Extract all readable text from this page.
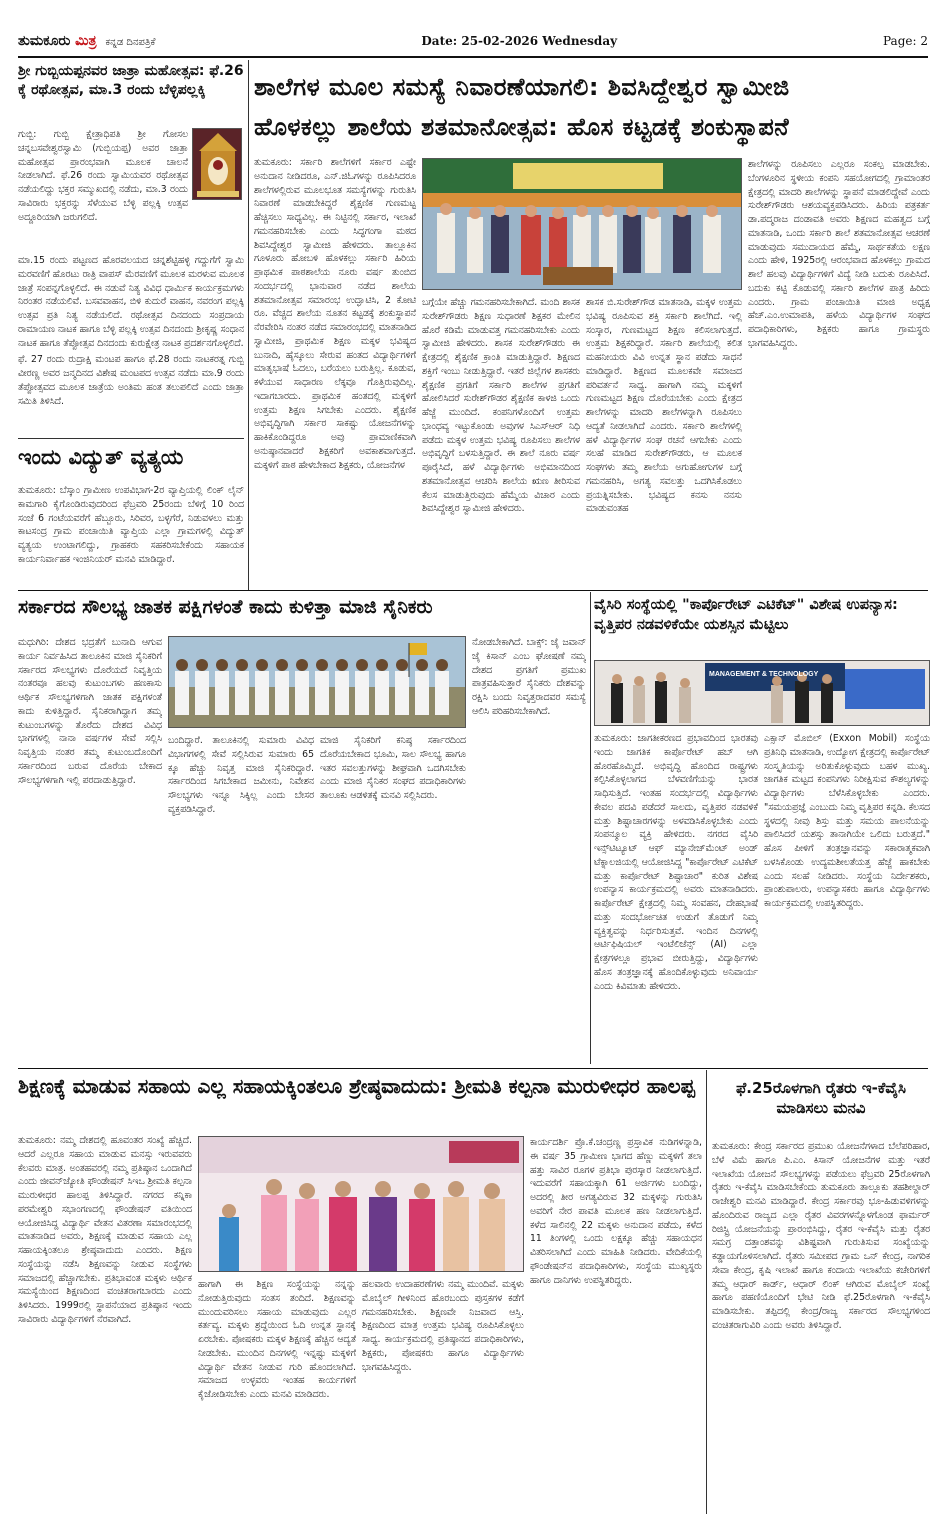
ತುಮಕೂರು ಮಿತ್ರ ಕನ್ನಡ ದಿನಪತ್ರಿಕೆ	Date: 25-02-2026 Wednesday	Page: 2
ಶ್ರೀ ಗುಬ್ಬಿಯಪ್ಪನವರ ಜಾತ್ರಾ ಮಹೋತ್ಸವ: ಫೆ.26 ಕ್ಕೆ ರಥೋತ್ಸವ, ಮಾ.3 ರಂದು ಬೆಳ್ಳಿಪಲ್ಲಕ್ಕಿ
ಗುಬ್ಬಿ: ಗುಬ್ಬಿ ಕ್ಷೇತ್ರಾಧಿಪತಿ ಶ್ರೀ ಗೋಸಲ ಚನ್ನಬಸವೇಶ್ವರಸ್ವಾಮಿ (ಗುಬ್ಬಿಯಪ್ಪ) ಅವರ ಜಾತ್ರಾ ಮಹೋತ್ಸವ ಪ್ರಾರಂಭವಾಗಿ ಮೂಲಕ ಚಾಲನೆ ನೀಡಲಾಗಿದೆ. ಫೆ.26 ರಂದು ಸ್ವಾಮಿಯವರ ರಥೋತ್ಸವ ನಡೆಯಲಿದ್ದು ಭಕ್ತರ ಸಮ್ಮುಖದಲ್ಲಿ ನಡೆದು, ಮಾ.3 ರಂದು ಸಾವಿರಾರು ಭಕ್ತರನ್ನು ಸೆಳೆಯುವ ಬೆಳ್ಳಿ ಪಲ್ಲಕ್ಕಿ ಉತ್ಸವ ಅದ್ದೂರಿಯಾಗಿ ಜರುಗಲಿದೆ.

ಮಾ.15 ರಂದು ಪಟ್ಟಣದ ಹೊರವಲಯದ ಚನ್ನಶೆಟ್ಟಿಹಳ್ಳಿ ಗದ್ದುಗೆಗೆ ಸ್ವಾಮಿ ಮರವಣಿಗೆ ಹೊರಟು ರಾತ್ರಿ ವಾಪಸ್ ಮೆರವಣಿಗೆ ಮೂಲಕ ಮರಳುವ ಮೂಲಕ ಜಾತ್ರೆ ಸಂಪನ್ನಗೊಳ್ಳಲಿದೆ. ಈ ನಡುವೆ ನಿತ್ಯ ವಿವಿಧ ಧಾರ್ಮಿಕ ಕಾರ್ಯಕ್ರಮಗಳು ನಿರಂತರ ನಡೆಯಲಿವೆ. ಬಸವವಾಹನ, ಬಿಳಿ ಕುದುರೆ ವಾಹನ, ನವರಂಗ ಪಲ್ಲಕ್ಕಿ ಉತ್ಸವ ಪ್ರತಿ ನಿತ್ಯ ನಡೆಯಲಿದೆ. ರಥೋತ್ಸವ ದಿನದಂದು ಸಂಪ್ರದಾಯ ರಾಮಾಯಣ ನಾಟಕ ಹಾಗೂ ಬೆಳ್ಳಿ ಪಲ್ಲಕ್ಕಿ ಉತ್ಸವ ದಿನದಂದು ಶ್ರೀಕೃಷ್ಣ ಸಂಧಾನ ನಾಟಕ ಹಾಗೂ ತೆಪ್ಪೋತ್ಸವ ದಿನದಂದು ಕುರುಕ್ಷೇತ್ರ ನಾಟಕ ಪ್ರದರ್ಶನಗೊಳ್ಳಲಿದೆ.

ಫೆ. 27 ರಂದು ರುದ್ರಾಕ್ಷಿ ಮಂಟಪ ಹಾಗೂ ಫೆ.28 ರಂದು ನಾಟಕರತ್ನ ಗುಬ್ಬಿ ವೀರಣ್ಣ ಅವರ ಜನ್ಮದಿನದ ವಿಶೇಷ ಮಂಟಪದ ಉತ್ಸವ ನಡೆದು ಮಾ.9 ರಂದು ತೆಪ್ಪೋತ್ಸವದ ಮೂಲಕ ಜಾತ್ರೆಯ ಅಂತಿಮ ಹಂತ ತಲುಪಲಿದೆ ಎಂದು ಜಾತ್ರಾ ಸಮಿತಿ ತಿಳಿಸಿದೆ.

ಇಂದು ವಿದ್ಯುತ್ ವ್ಯತ್ಯಯ
ತುಮಕೂರು: ಬೆಸ್ಕಾಂ ಗ್ರಾಮೀಣ ಉಪವಿಭಾಗ-2ರ ವ್ಯಾಪ್ತಿಯಲ್ಲಿ ಲಿಂಕ್ ಲೈನ್ ಕಾಮಗಾರಿ ಕೈಗೊಂಡಿರುವುದರಿಂದ ಫೆಬ್ರವರಿ 25ರಂದು ಬೆಳಿಗ್ಗೆ 10 ರಿಂದ ಸಂಜೆ 6 ಗಂಟೆಯವರೆಗೆ ಹೆಬ್ಬೂರು, ಸಿರಿವರ, ಬಳ್ಳಗೆರೆ, ನಿಡುವಳಲು ಮತ್ತು ಕಾಟಸಂದ್ರ ಗ್ರಾಮ ಪಂಚಾಯಿತಿ ವ್ಯಾಪ್ತಿಯ ಎಲ್ಲಾ ಗ್ರಾಮಗಳಲ್ಲಿ ವಿದ್ಯುತ್ ವ್ಯತ್ಯಯ ಉಂಟಾಗಲಿದ್ದು, ಗ್ರಾಹಕರು ಸಹಕರಿಸಬೇಕೆಂದು ಸಹಾಯಕ ಕಾರ್ಯನಿರ್ವಾಹಕ ಇಂಜಿನಿಯರ್ ಮನವಿ ಮಾಡಿದ್ದಾರೆ.
ಶಾಲೆಗಳ ಮೂಲ ಸಮಸ್ಯೆ ನಿವಾರಣೆಯಾಗಲಿ: ಶಿವಸಿದ್ದೇಶ್ವರ ಸ್ವಾಮೀಜಿ
ಹೊಳಕಲ್ಲು ಶಾಲೆಯ ಶತಮಾನೋತ್ಸವ: ಹೊಸ ಕಟ್ಟಡಕ್ಕೆ ಶಂಕುಸ್ಥಾಪನೆ
ತುಮಕೂರು: ಸರ್ಕಾರಿ ಶಾಲೆಗಳಿಗೆ ಸರ್ಕಾರ ಎಷ್ಟೇ ಅನುದಾನ ನೀಡಿದರೂ, ಎನ್.ಜಿಓಗಳನ್ನು ರೂಪಿಸಿದರೂ ಶಾಲೆಗಳಲ್ಲಿರುವ ಮೂಲಭೂತ ಸಮಸ್ಯೆಗಳನ್ನು ಗುರುತಿಸಿ ನಿವಾರಣೆ ಮಾಡಬೇಕಿದ್ದರೆ ಶೈಕ್ಷಣಿಕ ಗುಣಮಟ್ಟ ಹೆಚ್ಚಿಸಲು ಸಾಧ್ಯವಿಲ್ಲ. ಈ ನಿಟ್ಟಿನಲ್ಲಿ ಸರ್ಕಾರ, ಇಲಾಖೆ ಗಮನಹರಿಸಬೇಕು ಎಂದು ಸಿದ್ಧಗಂಗಾ ಮಠದ ಶಿವಸಿದ್ದೇಶ್ವರ ಸ್ವಾಮೀಜಿ ಹೇಳಿದರು. ತಾಲ್ಲೂಕಿನ ಗೂಳೂರು ಹೋಬಳಿ ಹೊಳಕಲ್ಲು ಸರ್ಕಾರಿ ಹಿರಿಯ ಪ್ರಾಥಮಿಕ ಪಾಠಶಾಲೆಯ ನೂರು ವರ್ಷ ತುಂಬಿದ ಸಂದರ್ಭದಲ್ಲಿ ಭಾನುವಾರ ನಡೆದ ಶಾಲೆಯ ಶತಮಾನೋತ್ಸವ ಸಮಾರಂಭ ಉದ್ಘಾಟಿಸಿ, 2 ಕೋಟಿ ರೂ. ವೆಚ್ಚದ ಶಾಲೆಯ ನೂತನ ಕಟ್ಟಡಕ್ಕೆ ಶಂಕುಸ್ಥಾಪನೆ ನೆರವೇರಿಸಿ ನಂತರ ನಡೆದ ಸಮಾರಂಭದಲ್ಲಿ ಮಾತನಾಡಿದ ಸ್ವಾಮೀಜಿ, ಪ್ರಾಥಮಿಕ ಶಿಕ್ಷಣ ಮಕ್ಕಳ ಭವಿಷ್ಯದ ಬುನಾದಿ, ಹೈಸ್ಕೂಲು ಸೇರುವ ಹಂತದ ವಿದ್ಯಾರ್ಥಿಗಳಿಗೆ ಮಾತೃಭಾಷೆ ಓದಲು, ಬರೆಯಲು ಬರುತ್ತಿಲ್ಲ. ಕೂಡುವ, ಕಳೆಯುವ ಸಾಧಾರಣ ಲೆಕ್ಕವೂ ಗೊತ್ತಿರುವುದಿಲ್ಲ. ಇದಾಗಬಾರದು. ಪ್ರಾಥಮಿಕ ಹಂತದಲ್ಲಿ ಮಕ್ಕಳಿಗೆ ಉತ್ತಮ ಶಿಕ್ಷಣ ಸಿಗಬೇಕು ಎಂದರು. ಶೈಕ್ಷಣಿಕ ಅಭಿವೃದ್ಧಿಗಾಗಿ ಸರ್ಕಾರ ಸಾಕಷ್ಟು ಯೋಜನೆಗಳನ್ನು ಹಾಕಿಕೊಂಡಿದ್ದರೂ ಅವು ಪ್ರಾಮಾಣಿಕವಾಗಿ ಅನುಷ್ಠಾನವಾದರೆ ಶಿಕ್ಷಕರಿಗೆ ಅವಕಾಶವಾಗುತ್ತದೆ. ಮಕ್ಕಳಿಗೆ ಪಾಠ ಹೇಳಬೇಕಾದ ಶಿಕ್ಷಕರು, ಯೋಜನೆಗಳ
ಬಗ್ಗೆಯೇ ಹೆಚ್ಚು ಗಮನಹರಿಸಬೇಕಾಗಿದೆ. ಮಂದಿ ಶಾಸಕ ಸುರೇಶ್‌ಗೌಡರು ಶಿಕ್ಷಣ ಸುಧಾರಣೆ ಶಿಕ್ಷಕರ ಮೇಲಿನ ಹೊರೆ ಕಡಿಮೆ ಮಾಡುವತ್ತ ಗಮನಹರಿಸಬೇಕು ಎಂದು ಸ್ವಾಮೀಜಿ ಹೇಳಿದರು. ಶಾಸಕ ಸುರೇಶ್‌ಗೌಡರು ಈ ಕ್ಷೇತ್ರದಲ್ಲಿ ಶೈಕ್ಷಣಿಕ ಕ್ರಾಂತಿ ಮಾಡುತ್ತಿದ್ದಾರೆ. ಶಿಕ್ಷಣದ ಶಕ್ತಿಗೆ ಇಂಬು ನೀಡುತ್ತಿದ್ದಾರೆ. ಇತರೆ ಜಿಲ್ಲೆಗಳ ಶಾಸಕರು ಶೈಕ್ಷಣಿಕ ಪ್ರಗತಿಗೆ ಸರ್ಕಾರಿ ಶಾಲೆಗಳ ಪ್ರಗತಿಗೆ ಹೋಲಿಸಿದರೆ ಸುರೇಶ್‌ಗೌಡರ ಶೈಕ್ಷಣಿಕ ಕಾಳಜಿ ಒಂದು ಹೆಜ್ಜೆ ಮುಂದಿದೆ. ಕಂಪನಿಗಳೊಂದಿಗೆ ಉತ್ತಮ ಭಾಂಧವ್ಯ ಇಟ್ಟುಕೊಂಡು ಅವುಗಳ ಸಿಎಸ್‌ಆರ್ ನಿಧಿ ಪಡೆದು ಮಕ್ಕಳ ಉತ್ತಮ ಭವಿಷ್ಯ ರೂಪಿಸಲು ಶಾಲೆಗಳ ಅಭಿವೃದ್ಧಿಗೆ ಬಳಸುತ್ತಿದ್ದಾರೆ. ಈ ಶಾಲೆ ನೂರು ವರ್ಷ ಪೂರೈಸಿದೆ, ಹಳೆ ವಿದ್ಯಾರ್ಥಿಗಳು ಅಭಿಮಾನದಿಂದ ಶತಮಾನೋತ್ಸವ ಆಚರಿಸಿ ಶಾಲೆಯ ಋಣ ತೀರಿಸುವ ಕೆಲಸ ಮಾಡುತ್ತಿರುವುದು ಹೆಮ್ಮೆಯ ವಿಚಾರ ಎಂದು ಶಿವಸಿದ್ದೇಶ್ವರ ಸ್ವಾಮೀಜಿ ಹೇಳಿದರು.
ಶಾಸಕ ಬಿ.ಸುರೇಶ್‌ಗೌಡ ಮಾತನಾಡಿ, ಮಕ್ಕಳ ಉತ್ತಮ ಭವಿಷ್ಯ ರೂಪಿಸುವ ಶಕ್ತಿ ಸರ್ಕಾರಿ ಶಾಲೆಗಿದೆ. ಇಲ್ಲಿ ಸಂಸ್ಕಾರ, ಗುಣಮಟ್ಟದ ಶಿಕ್ಷಣ ಕಲಿಸಲಾಗುತ್ತದೆ. ಉತ್ತಮ ಶಿಕ್ಷಕರಿದ್ದಾರೆ. ಸರ್ಕಾರಿ ಶಾಲೆಯಲ್ಲಿ ಕಲಿತ ಮಹನೀಯರು ವಿವಿ ಉನ್ನತ ಸ್ಥಾನ ಪಡೆದು ಸಾಧನೆ ಮಾಡಿದ್ದಾರೆ. ಶಿಕ್ಷಣದ ಮೂಲಕವೇ ಸಮಾಜದ ಪರಿವರ್ತನೆ ಸಾಧ್ಯ. ಹಾಗಾಗಿ ನಮ್ಮ ಮಕ್ಕಳಿಗೆ ಗುಣಮಟ್ಟದ ಶಿಕ್ಷಣ ದೊರೆಯಬೇಕು ಎಂದು ಕ್ಷೇತ್ರದ ಶಾಲೆಗಳನ್ನು ಮಾದರಿ ಶಾಲೆಗಳನ್ನಾಗಿ ರೂಪಿಸಲು ಆದ್ಯತೆ ನೀಡಲಾಗಿದೆ ಎಂದರು. ಸರ್ಕಾರಿ ಶಾಲೆಗಳಲ್ಲಿ ಹಳೆ ವಿದ್ಯಾರ್ಥಿಗಳ ಸಂಘ ರಚನೆ ಆಗಬೇಕು ಎಂದು ಸಲಹೆ ಮಾಡಿದ ಸುರೇಶ್‌ಗೌಡರು, ಆ ಮೂಲಕ ಸಂಘಗಳು ತಮ್ಮ ಶಾಲೆಯ ಅಗುಹೋಗುಗಳ ಬಗ್ಗೆ ಗಮನಹರಿಸಿ, ಅಗತ್ಯ ಸವಲತ್ತು ಒದಗಿಸಿಕೊಡಲು ಪ್ರಯತ್ನಿಸಬೇಕು. ಭವಿಷ್ಯದ ಕನಸು ನನಸು ಮಾಡುವಂತಹ
ಶಾಲೆಗಳನ್ನು ರೂಪಿಸಲು ಎಲ್ಲರೂ ಸಂಕಲ್ಪ ಮಾಡಬೇಕು. ಬೆಂಗಳೂರಿನ ಸ್ಥಳೀಯ ಕಂಪನಿ ಸಹಯೋಗದಲ್ಲಿ ಗ್ರಾಮಾಂತರ ಕ್ಷೇತ್ರದಲ್ಲಿ ಮಾದರಿ ಶಾಲೆಗಳನ್ನು ಸ್ಥಾಪನೆ ಮಾಡಲಿದ್ದೇವೆ ಎಂದು ಸುರೇಶ್‌ಗೌಡರು ಆಶಯವ್ಯಕ್ತಪಡಿಸಿದರು. ಹಿರಿಯ ಪತ್ರಕರ್ತ ಡಾ.ಪದ್ಮರಾಜ ದಂಡಾವತಿ ಅವರು ಶಿಕ್ಷಣದ ಮಹತ್ವದ ಬಗ್ಗೆ ಮಾತನಾಡಿ, ಒಂದು ಸರ್ಕಾರಿ ಶಾಲೆ ಶತಮಾನೋತ್ಸವ ಆಚರಣೆ ಮಾಡುವುದು ಸಮುದಾಯದ ಹೆಮ್ಮೆ, ಸಾರ್ಥಕತೆಯ ಲಕ್ಷಣ ಎಂದು ಹೇಳಿ, 1925ರಲ್ಲಿ ಆರಂಭವಾದ ಹೊಳಕಲ್ಲು ಗ್ರಾಮದ ಶಾಲೆ ಹಲವು ವಿದ್ಯಾರ್ಥಿಗಳಿಗೆ ವಿದ್ಯೆ ನೀಡಿ ಬದುಕು ರೂಪಿಸಿದೆ. ಬದುಕು ಕಟ್ಟಿ ಕೊಡುವಲ್ಲಿ ಸರ್ಕಾರಿ ಶಾಲೆಗಳ ಪಾತ್ರ ಹಿರಿದು ಎಂದರು. ಗ್ರಾಮ ಪಂಚಾಯಿತಿ ಮಾಜಿ ಅಧ್ಯಕ್ಷ ಹೆಚ್.ಎಂ.ಉಮಾಪತಿ, ಹಳೆಯ ವಿದ್ಯಾರ್ಥಿಗಳ ಸಂಘದ ಪದಾಧಿಕಾರಿಗಳು, ಶಿಕ್ಷಕರು ಹಾಗೂ ಗ್ರಾಮಸ್ಥರು ಭಾಗವಹಿಸಿದ್ದರು.
ಸರ್ಕಾರದ ಸೌಲಭ್ಯ ಜಾತಕ ಪಕ್ಷಿಗಳಂತೆ ಕಾದು ಕುಳಿತ್ತಾ ಮಾಜಿ ಸೈನಿಕರು
ಮಧುಗಿರಿ: ದೇಶದ ಭದ್ರತೆಗೆ ಬುನಾದಿ ಆಗುವ ಕಾರ್ಯ ನಿರ್ವಹಿಸಿದ ತಾಲೂಕಿನ ಮಾಜಿ ಸೈನಿಕರಿಗೆ ಸರ್ಕಾರದ ಸೌಲಭ್ಯಗಳು ದೊರೆಯದೆ ನಿವೃತ್ತಿಯ ನಂತರವೂ ಹಲವು ಕುಟುಂಬಗಳು ಹಣಕಾಸು ಆರ್ಥಿಕ ಸೌಲಭ್ಯಗಳಿಗಾಗಿ ಜಾತಕ ಪಕ್ಷಿಗಳಂತೆ ಕಾದು ಕುಳಿತ್ತಿದ್ದಾರೆ. ಸೈನಿಕರಾಗಿದ್ದಾಗ ತಮ್ಮ ಕುಟುಂಬಗಳನ್ನು ತೊರೆದು ದೇಶದ ವಿವಿಧ ಭಾಗಗಳಲ್ಲಿ ನಾನಾ ವರ್ಷಗಳ ಸೇವೆ ಸಲ್ಲಿಸಿ ನಿವೃತ್ತಿಯ ನಂತರ ತಮ್ಮ ಕುಟುಂಬದೊಂದಿಗೆ ಸರ್ಕಾರದಿಂದ ಬರುವ ದೊರೆಯ ಬೇಕಾದ ಸೌಲಭ್ಯಗಳಿಗಾಗಿ ಇಲ್ಲಿ ಪರದಾಡುತ್ತಿದ್ದಾರೆ.
ಬಂದಿದ್ದಾರೆ. ತಾಲೂಕಿನಲ್ಲಿ ಸುಮಾರು ವಿವಿಧ ವಿಭಾಗಗಳಲ್ಲಿ ಸೇವೆ ಸಲ್ಲಿಸಿರುವ ಸುಮಾರು 65 ಕ್ಕೂ ಹೆಚ್ಚು ನಿವೃತ್ತ ಮಾಜಿ ಸೈನಿಕರಿದ್ದಾರೆ. ಸರ್ಕಾರದಿಂದ ಸಿಗಬೇಕಾದ ಜಮೀನು, ನಿವೇಶನ ಸೌಲಭ್ಯಗಳು ಇನ್ನೂ ಸಿಕ್ಕಿಲ್ಲ ಎಂದು ಬೇಸರ ವ್ಯಕ್ತಪಡಿಸಿದ್ದಾರೆ.
ಮಾಜಿ ಸೈನಿಕರಿಗೆ ಕನಿಷ್ಠ ಸರ್ಕಾರದಿಂದ ದೊರೆಯಬೇಕಾದ ಭೂಮಿ, ಸಾಲ ಸೌಲಭ್ಯ ಹಾಗೂ ಇತರ ಸವಲತ್ತುಗಳನ್ನು ಶೀಘ್ರವಾಗಿ ಒದಗಿಸಬೇಕು ಎಂದು ಮಾಜಿ ಸೈನಿಕರ ಸಂಘದ ಪದಾಧಿಕಾರಿಗಳು ತಾಲೂಕು ಆಡಳಿತಕ್ಕೆ ಮನವಿ ಸಲ್ಲಿಸಿದರು.
ನೋಡಬೇಕಾಗಿದೆ. ಬಾಕ್ಸ್: ಜೈ ಜವಾನ್ ಜೈ ಕಿಸಾನ್ ಎಂಬ ಘೋಷಣೆ ನಮ್ಮ ದೇಶದ ಪ್ರಗತಿಗೆ ಪ್ರಮುಖ ಪಾತ್ರವಹಿಸುತ್ತಾರೆ ಸೈನಿಕರು ದೇಶವನ್ನು ರಕ್ಷಿಸಿ ಬಂದು ನಿವೃತ್ತರಾದವರ ಸಮಸ್ಯೆ ಆಲಿಸಿ ಪರಿಹರಿಸಬೇಕಾಗಿದೆ.
ವೈಸಿರಿ ಸಂಸ್ಥೆಯಲ್ಲಿ "ಕಾರ್ಪೊರೇಟ್ ಎಟಿಕೆಟ್" ವಿಶೇಷ ಉಪನ್ಯಾಸ: ವೃತ್ತಿಪರ ನಡವಳಿಕೆಯೇ ಯಶಸ್ಸಿನ ಮೆಟ್ಟಿಲು
MANAGEMENT & TECHNOLOGY
ತುಮಕೂರು: ಜಾಗತೀಕರಣದ ಪ್ರಭಾವದಿಂದ ಭಾರತವು ಇಂದು ಜಾಗತಿಕ ಕಾರ್ಪೊರೇಟ್ ಹಬ್ ಆಗಿ ಹೊರಹೊಮ್ಮಿದೆ. ಅಭಿವೃದ್ಧಿ ಹೊಂದಿದ ರಾಷ್ಟ್ರಗಳು ಕಲ್ಪಿಸಿಕೊಳ್ಳಲಾಗದ ಬೆಳವಣಿಗೆಯನ್ನು ಭಾರತ ಸಾಧಿಸುತ್ತಿದೆ. ಇಂತಹ ಸಂದರ್ಭದಲ್ಲಿ ವಿದ್ಯಾರ್ಥಿಗಳು ಕೇವಲ ಪದವಿ ಪಡೆದರೆ ಸಾಲದು, ವೃತ್ತಿಪರ ನಡವಳಿಕೆ ಮತ್ತು ಶಿಷ್ಟಾಚಾರಗಳನ್ನು ಅಳವಡಿಸಿಕೊಳ್ಳಬೇಕು ಎಂದು ಸಂಪನ್ಮೂಲ ವ್ಯಕ್ತಿ ಹೇಳಿದರು. ನಗರದ ವೈಸಿರಿ ಇನ್ಸ್‌ಟಿಟ್ಯೂಟ್ ಆಫ್ ಮ್ಯಾನೇಜ್‌ಮೆಂಟ್ ಅಂಡ್ ಟೆಕ್ನಾಲಜಿಯಲ್ಲಿ ಆಯೋಜಿಸಿದ್ದ "ಕಾರ್ಪೊರೇಟ್ ಎಟಿಕೆಟ್ ಮತ್ತು ಕಾರ್ಪೊರೇಟ್ ಶಿಷ್ಟಾಚಾರ" ಕುರಿತ ವಿಶೇಷ ಉಪನ್ಯಾಸ ಕಾರ್ಯಕ್ರಮದಲ್ಲಿ ಅವರು ಮಾತನಾಡಿದರು. ಕಾರ್ಪೊರೇಟ್ ಕ್ಷೇತ್ರದಲ್ಲಿ ನಿಮ್ಮ ಸಂವಹನ, ದೇಹಭಾಷೆ ಮತ್ತು ಸಂದರ್ಭೋಚಿತ ಉಡುಗೆ ತೊಡುಗೆ ನಿಮ್ಮ ವ್ಯಕ್ತಿತ್ವವನ್ನು ನಿರ್ಧರಿಸುತ್ತವೆ. ಇಂದಿನ ದಿನಗಳಲ್ಲಿ ಆರ್ಟಿಫಿಷಿಯಲ್ ಇಂಟೆಲಿಜೆನ್ಸ್ (AI) ಎಲ್ಲಾ ಕ್ಷೇತ್ರಗಳಲ್ಲೂ ಪ್ರಭಾವ ಬೀರುತ್ತಿದ್ದು, ವಿದ್ಯಾರ್ಥಿಗಳು ಹೊಸ ತಂತ್ರಜ್ಞಾನಕ್ಕೆ ಹೊಂದಿಕೊಳ್ಳುವುದು ಅನಿವಾರ್ಯ ಎಂದು ಕಿವಿಮಾತು ಹೇಳಿದರು.
ಎಕ್ಸಾನ್ ಮೊಬಿಲ್ (Exxon Mobil) ಸಂಸ್ಥೆಯ ಪ್ರತಿನಿಧಿ ಮಾತನಾಡಿ, ಉದ್ಯೋಗ ಕ್ಷೇತ್ರದಲ್ಲಿ ಕಾರ್ಪೊರೇಟ್ ಸಂಸ್ಕೃತಿಯನ್ನು ಅರಿತುಕೊಳ್ಳುವುದು ಬಹಳ ಮುಖ್ಯ. ಜಾಗತಿಕ ಮಟ್ಟದ ಕಂಪನಿಗಳು ನಿರೀಕ್ಷಿಸುವ ಕೌಶಲ್ಯಗಳನ್ನು ವಿದ್ಯಾರ್ಥಿಗಳು ಬೆಳೆಸಿಕೊಳ್ಳಬೇಕು ಎಂದರು. "ಸಮಯಪ್ರಜ್ಞೆ ಎಂಬುದು ನಿಮ್ಮ ವೃತ್ತಿಪರ ಕನ್ನಡಿ. ಕೆಲಸದ ಸ್ಥಳದಲ್ಲಿ ನೀವು ಶಿಸ್ತು ಮತ್ತು ಸಮಯ ಪಾಲನೆಯನ್ನು ಪಾಲಿಸಿದರೆ ಯಶಸ್ಸು ತಾನಾಗಿಯೇ ಒಲಿದು ಬರುತ್ತದೆ." ಹೊಸ ಪೀಳಿಗೆ ತಂತ್ರಜ್ಞಾನವನ್ನು ಸಕಾರಾತ್ಮಕವಾಗಿ ಬಳಸಿಕೊಂಡು ಉದ್ಯಮಶೀಲತೆಯತ್ತ ಹೆಜ್ಜೆ ಹಾಕಬೇಕು ಎಂದು ಸಲಹೆ ನೀಡಿದರು. ಸಂಸ್ಥೆಯ ನಿರ್ದೇಶಕರು, ಪ್ರಾಂಶುಪಾಲರು, ಉಪನ್ಯಾಸಕರು ಹಾಗೂ ವಿದ್ಯಾರ್ಥಿಗಳು ಕಾರ್ಯಕ್ರಮದಲ್ಲಿ ಉಪಸ್ಥಿತರಿದ್ದರು.
ಶಿಕ್ಷಣಕ್ಕೆ ಮಾಡುವ ಸಹಾಯ ಎಲ್ಲ ಸಹಾಯಕ್ಕಿಂತಲೂ ಶ್ರೇಷ್ಠವಾದುದು: ಶ್ರೀಮತಿ ಕಲ್ಪನಾ ಮುರುಳೀಧರ ಹಾಲಪ್ಪ
ತುಮಕೂರು: ನಮ್ಮ ದೇಶದಲ್ಲಿ ಹೂವಂತರ ಸಂಖ್ಯೆ ಹೆಚ್ಚಿದೆ. ಆದರೆ ಎಲ್ಲರೂ ಸಹಾಯ ಮಾಡುವ ಮನಸ್ಸು ಇರುವವರು ಕೆಲವರು ಮಾತ್ರ. ಅಂತಹವರಲ್ಲಿ ನಮ್ಮ ಪ್ರತಿಷ್ಠಾನ ಒಂದಾಗಿದೆ ಎಂದು ಜೀವನ್‌ಜ್ಯೋತಿ ಫೌಂಡೇಷನ್ ಸಿಇಒ ಶ್ರೀಮತಿ ಕಲ್ಪನಾ ಮುರುಳೀಧರ ಹಾಲಪ್ಪ ತಿಳಿಸಿದ್ದಾರೆ. ನಗರದ ಕನ್ನಿಕಾ ಪರಮೇಶ್ವರಿ ಸಭಾಂಗಣದಲ್ಲಿ ಫೌಂಡೇಷನ್ ವತಿಯಿಂದ ಆಯೋಜಿಸಿದ್ದ ವಿದ್ಯಾರ್ಥಿ ವೇತನ ವಿತರಣಾ ಸಮಾರಂಭದಲ್ಲಿ ಮಾತನಾಡಿದ ಅವರು, ಶಿಕ್ಷಣಕ್ಕೆ ಮಾಡುವ ಸಹಾಯ ಎಲ್ಲ ಸಹಾಯಕ್ಕಿಂತಲೂ ಶ್ರೇಷ್ಠವಾದುದು ಎಂದರು. ಶಿಕ್ಷಣ ಸಂಸ್ಥೆಯನ್ನು ನಡೆಸಿ ಶಿಕ್ಷಣವನ್ನು ನೀಡುವ ಸಂಸ್ಥೆಗಳು ಸಮಾಜದಲ್ಲಿ ಹೆಚ್ಚಾಗಬೇಕು. ಪ್ರತಿಭಾವಂತ ಮಕ್ಕಳು ಆರ್ಥಿಕ ಸಮಸ್ಯೆಯಿಂದ ಶಿಕ್ಷಣದಿಂದ ವಂಚಿತರಾಗಬಾರದು ಎಂದು ತಿಳಿಸಿದರು. 1999ರಲ್ಲಿ ಸ್ಥಾಪನೆಯಾದ ಪ್ರತಿಷ್ಠಾನ ಇಂದು ಸಾವಿರಾರು ವಿದ್ಯಾರ್ಥಿಗಳಿಗೆ ನೆರವಾಗಿದೆ.
ಹಾಗಾಗಿ ಈ ಶಿಕ್ಷಣ ಸಂಸ್ಥೆಯನ್ನು ನನ್ನನ್ನು ನೋಡುತ್ತಿರುವುದು ಸಂತಸ ತಂದಿದೆ. ಶಿಕ್ಷಣವನ್ನು ಮುಂದುವರಿಸಲು ಸಹಾಯ ಮಾಡುವುದು ಎಲ್ಲರ ಕರ್ತವ್ಯ. ಮಕ್ಕಳು ಶ್ರದ್ಧೆಯಿಂದ ಓದಿ ಉನ್ನತ ಸ್ಥಾನಕ್ಕೆ ಏರಬೇಕು. ಪೋಷಕರು ಮಕ್ಕಳ ಶಿಕ್ಷಣಕ್ಕೆ ಹೆಚ್ಚಿನ ಆದ್ಯತೆ ನೀಡಬೇಕು. ಮುಂದಿನ ದಿನಗಳಲ್ಲಿ ಇನ್ನಷ್ಟು ಮಕ್ಕಳಿಗೆ ವಿದ್ಯಾರ್ಥಿ ವೇತನ ನೀಡುವ ಗುರಿ ಹೊಂದಲಾಗಿದೆ. ಸಮಾಜದ ಉಳ್ಳವರು ಇಂತಹ ಕಾರ್ಯಗಳಿಗೆ ಕೈಜೋಡಿಸಬೇಕು ಎಂದು ಮನವಿ ಮಾಡಿದರು.
ಹಲವಾರು ಉದಾಹರಣೆಗಳು ನಮ್ಮ ಮುಂದಿವೆ. ಮಕ್ಕಳು ಮೊಬೈಲ್ ಗೀಳಿನಿಂದ ಹೊರಬಂದು ಪುಸ್ತಕಗಳ ಕಡೆಗೆ ಗಮನಹರಿಸಬೇಕು. ಶಿಕ್ಷಣವೇ ನಿಜವಾದ ಆಸ್ತಿ. ಶಿಕ್ಷಣದಿಂದ ಮಾತ್ರ ಉತ್ತಮ ಭವಿಷ್ಯ ರೂಪಿಸಿಕೊಳ್ಳಲು ಸಾಧ್ಯ. ಕಾರ್ಯಕ್ರಮದಲ್ಲಿ ಪ್ರತಿಷ್ಠಾನದ ಪದಾಧಿಕಾರಿಗಳು, ಶಿಕ್ಷಕರು, ಪೋಷಕರು ಹಾಗೂ ವಿದ್ಯಾರ್ಥಿಗಳು ಭಾಗವಹಿಸಿದ್ದರು.
ಕಾರ್ಯದರ್ಶಿ ಪ್ರೊ.ಕೆ.ಚಂದ್ರಣ್ಣ ಪ್ರಸ್ತಾವಿಕ ನುಡಿಗಳನ್ನಾಡಿ, ಈ ವರ್ಷ 35 ಗ್ರಾಮೀಣ ಭಾಗದ ಹೆಣ್ಣು ಮಕ್ಕಳಿಗೆ ತಲಾ ಹತ್ತು ಸಾವಿರ ರೂಗಳ ಪ್ರತಿಭಾ ಪುರಸ್ಕಾರ ನೀಡಲಾಗುತ್ತಿದೆ. ಇದುವರೆಗೆ ಸಹಾಯಕ್ಕಾಗಿ 61 ಅರ್ಜಿಗಳು ಬಂದಿದ್ದು, ಅದರಲ್ಲಿ ತೀರ ಅಗತ್ಯವಿರುವ 32 ಮಕ್ಕಳನ್ನು ಗುರುತಿಸಿ ಅವರಿಗೆ ನೇರ ಪಾವತಿ ಮೂಲಕ ಹಣ ನೀಡಲಾಗುತ್ತಿದೆ. ಕಳೆದ ಸಾಲಿನಲ್ಲಿ 22 ಮಕ್ಕಳು ಅನುದಾನ ಪಡೆದು, ಕಳೆದ 11 ತಿಂಗಳಲ್ಲಿ ಒಂದು ಲಕ್ಷಕ್ಕೂ ಹೆಚ್ಚು ಸಹಾಯಧನ ವಿತರಿಸಲಾಗಿದೆ ಎಂದು ಮಾಹಿತಿ ನೀಡಿದರು. ವೇದಿಕೆಯಲ್ಲಿ ಫೌಂಡೇಷನ್‌ನ ಪದಾಧಿಕಾರಿಗಳು, ಸಂಸ್ಥೆಯ ಮುಖ್ಯಸ್ಥರು ಹಾಗೂ ದಾನಿಗಳು ಉಪಸ್ಥಿತರಿದ್ದರು.
ಫೆ.25ರೊಳಗಾಗಿ ರೈತರು ಇ-ಕೆವೈಸಿ ಮಾಡಿಸಲು ಮನವಿ
ತುಮಕೂರು: ಕೇಂದ್ರ ಸರ್ಕಾರದ ಪ್ರಮುಖ ಯೋಜನೆಗಳಾದ ಬೆಲೆಪರಿಹಾರ, ಬೆಳೆ ವಿಮೆ ಹಾಗೂ ಪಿ.ಎಂ. ಕಿಸಾನ್ ಯೋಜನೆಗಳ ಮತ್ತು ಇತರೆ ಇಲಾಖೆಯ ಯೋಜನೆ ಸೌಲಭ್ಯಗಳನ್ನು ಪಡೆಯಲು ಫೆಬ್ರವರಿ 25ರೊಳಗಾಗಿ ರೈತರು ಇ-ಕೆವೈಸಿ ಮಾಡಿಸಬೇಕೆಂದು ತುಮಕೂರು ತಾಲ್ಲೂಕು ತಹಶೀಲ್ದಾರ್ ರಾಜೇಶ್ವರಿ ಮನವಿ ಮಾಡಿದ್ದಾರೆ. ಕೇಂದ್ರ ಸರ್ಕಾರವು ಭೂ-ಹಿಡುವಳಿಗಳನ್ನು ಹೊಂದಿರುವ ರಾಜ್ಯದ ಎಲ್ಲಾ ರೈತರ ವಿವರಗಳನ್ನೊಳಗೊಂಡ ಫಾರ್ಮರ್ ರಿಜಿಸ್ಟ್ರಿ ಯೋಜನೆಯನ್ನು ಪ್ರಾರಂಭಿಸಿದ್ದು, ರೈತರ ಇ-ಕೆವೈಸಿ ಮತ್ತು ರೈತರ ಸಮಗ್ರ ದತ್ತಾಂಶವನ್ನು ವಿಶಿಷ್ಟವಾಗಿ ಗುರುತಿಸುವ ಸಂಖ್ಯೆಯನ್ನು ಕಡ್ಡಾಯಗೊಳಿಸಲಾಗಿದೆ. ರೈತರು ಸಮೀಪದ ಗ್ರಾಮ ಒನ್ ಕೇಂದ್ರ, ನಾಗರಿಕ ಸೇವಾ ಕೇಂದ್ರ, ಕೃಷಿ ಇಲಾಖೆ ಹಾಗೂ ಕಂದಾಯ ಇಲಾಖೆಯ ಕಚೇರಿಗಳಿಗೆ ತಮ್ಮ ಆಧಾರ್ ಕಾರ್ಡ್, ಆಧಾರ್ ಲಿಂಕ್ ಆಗಿರುವ ಮೊಬೈಲ್ ಸಂಖ್ಯೆ ಹಾಗೂ ಪಹಣಿಯೊಂದಿಗೆ ಭೇಟಿ ನೀಡಿ ಫೆ.25ರೊಳಗಾಗಿ ಇ-ಕೆವೈಸಿ ಮಾಡಿಸಬೇಕು. ತಪ್ಪಿದಲ್ಲಿ ಕೇಂದ್ರ/ರಾಜ್ಯ ಸರ್ಕಾರದ ಸೌಲಭ್ಯಗಳಿಂದ ವಂಚಿತರಾಗುವಿರಿ ಎಂದು ಅವರು ತಿಳಿಸಿದ್ದಾರೆ.
